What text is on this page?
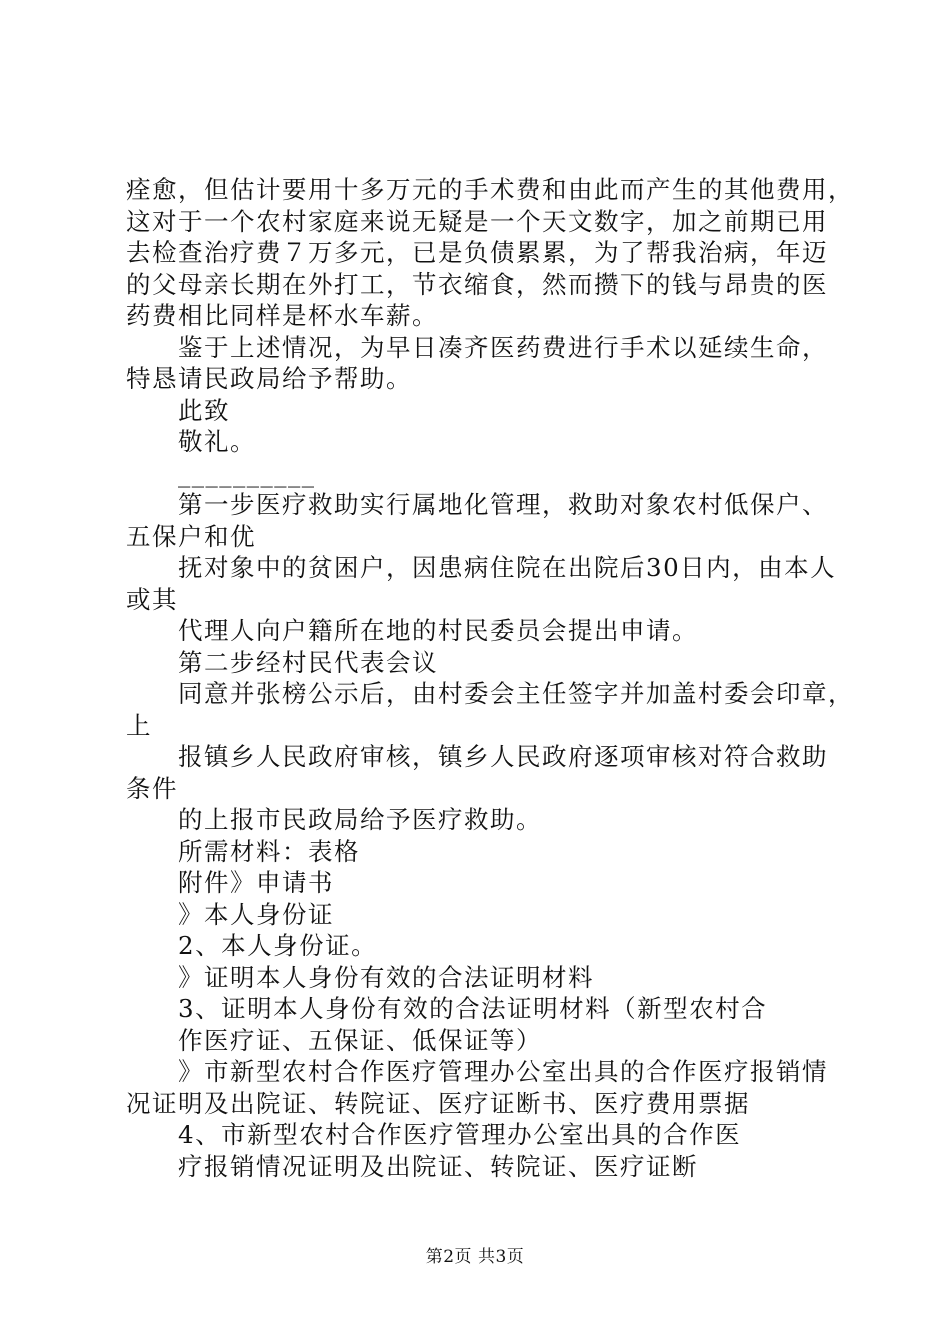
痊愈，但估计要用十多万元的手术费和由此而产生的其他费用，
这对于一个农村家庭来说无疑是一个天文数字，加之前期已用
去检查治疗费７万多元，已是负债累累，为了帮我治病，年迈
的父母亲长期在外打工，节衣缩食，然而攒下的钱与昂贵的医
药费相比同样是杯水车薪。
鉴于上述情况，为早日凑齐医药费进行手术以延续生命，
特恳请民政局给予帮助。
此致
敬礼。
__________
第一步医疗救助实行属地化管理，救助对象农村低保户、
五保户和优
抚对象中的贫困户，因患病住院在出院后30日内，由本人
或其
代理人向户籍所在地的村民委员会提出申请。
第二步经村民代表会议
同意并张榜公示后，由村委会主任签字并加盖村委会印章，
上
报镇乡人民政府审核，镇乡人民政府逐项审核对符合救助
条件
的上报市民政局给予医疗救助。
所需材料：表格
附件》申请书
》本人身份证
2、本人身份证。
》证明本人身份有效的合法证明材料
3、证明本人身份有效的合法证明材料（新型农村合
作医疗证、五保证、低保证等）
》市新型农村合作医疗管理办公室出具的合作医疗报销情
况证明及出院证、转院证、医疗证断书、医疗费用票据
4、市新型农村合作医疗管理办公室出具的合作医
疗报销情况证明及出院证、转院证、医疗证断
第2页 共3页
